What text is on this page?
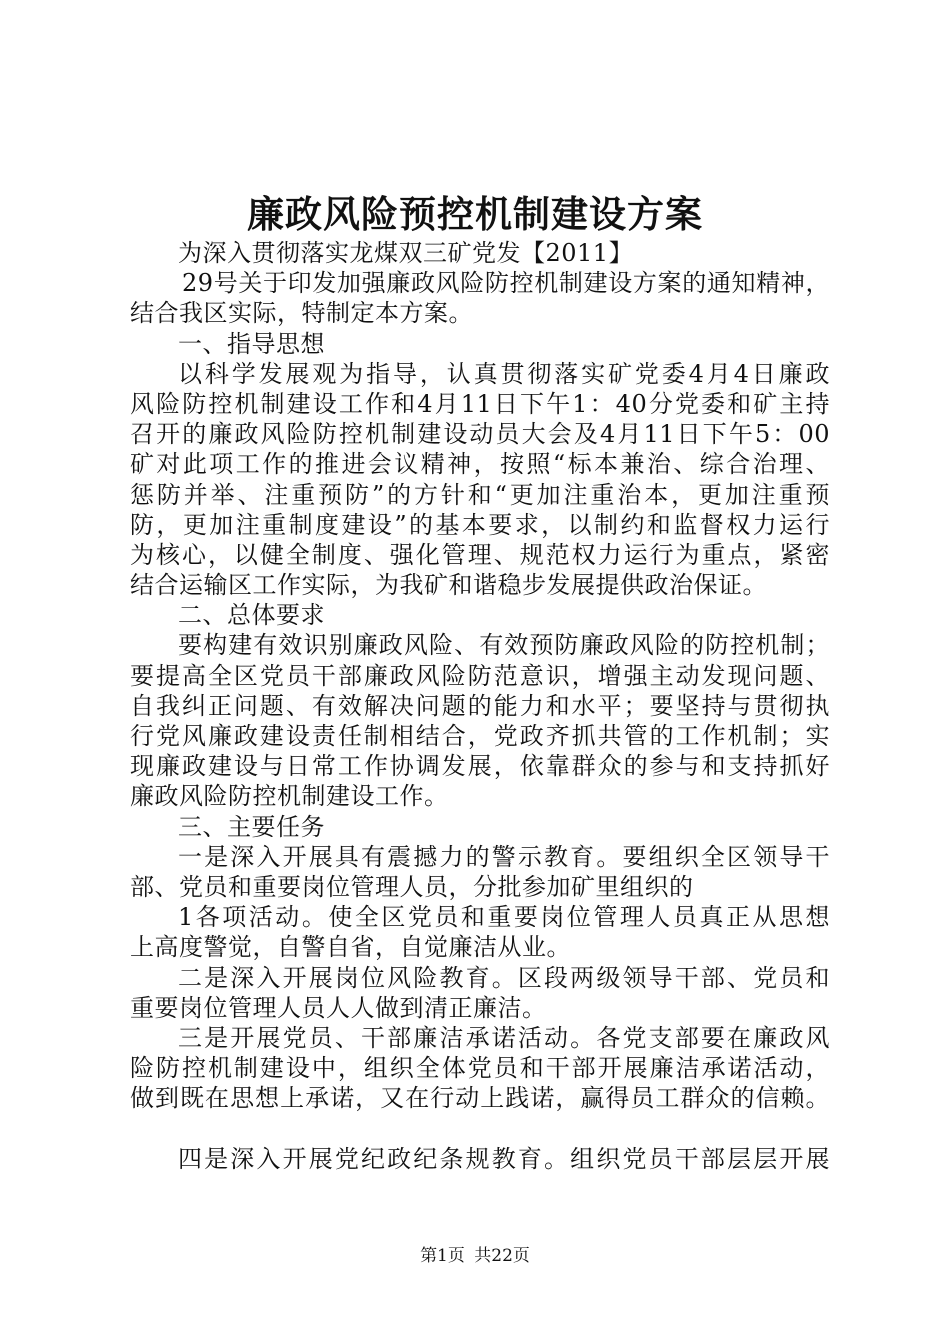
廉政风险预控机制建设方案
为深入贯彻落实龙煤双三矿党发【2011】
29号关于印发加强廉政风险防控机制建设方案的通知精神，
结合我区实际，特制定本方案。
一、指导思想
以科学发展观为指导，认真贯彻落实矿党委4月4日廉政
风险防控机制建设工作和4月11日下午1：40分党委和矿主持
召开的廉政风险防控机制建设动员大会及4月11日下午5：00
矿对此项工作的推进会议精神，按照“标本兼治、综合治理、
惩防并举、注重预防”的方针和“更加注重治本，更加注重预
防，更加注重制度建设”的基本要求，以制约和监督权力运行
为核心，以健全制度、强化管理、规范权力运行为重点，紧密
结合运输区工作实际，为我矿和谐稳步发展提供政治保证。
二、总体要求
要构建有效识别廉政风险、有效预防廉政风险的防控机制；
要提高全区党员干部廉政风险防范意识，增强主动发现问题、
自我纠正问题、有效解决问题的能力和水平；要坚持与贯彻执
行党风廉政建设责任制相结合，党政齐抓共管的工作机制；实
现廉政建设与日常工作协调发展，依靠群众的参与和支持抓好
廉政风险防控机制建设工作。
三、主要任务
一是深入开展具有震撼力的警示教育。要组织全区领导干
部、党员和重要岗位管理人员，分批参加矿里组织的
1各项活动。使全区党员和重要岗位管理人员真正从思想
上高度警觉，自警自省，自觉廉洁从业。
二是深入开展岗位风险教育。区段两级领导干部、党员和
重要岗位管理人员人人做到清正廉洁。
三是开展党员、干部廉洁承诺活动。各党支部要在廉政风
险防控机制建设中，组织全体党员和干部开展廉洁承诺活动，
做到既在思想上承诺，又在行动上践诺，赢得员工群众的信赖。
四是深入开展党纪政纪条规教育。组织党员干部层层开展
第1页 共22页
